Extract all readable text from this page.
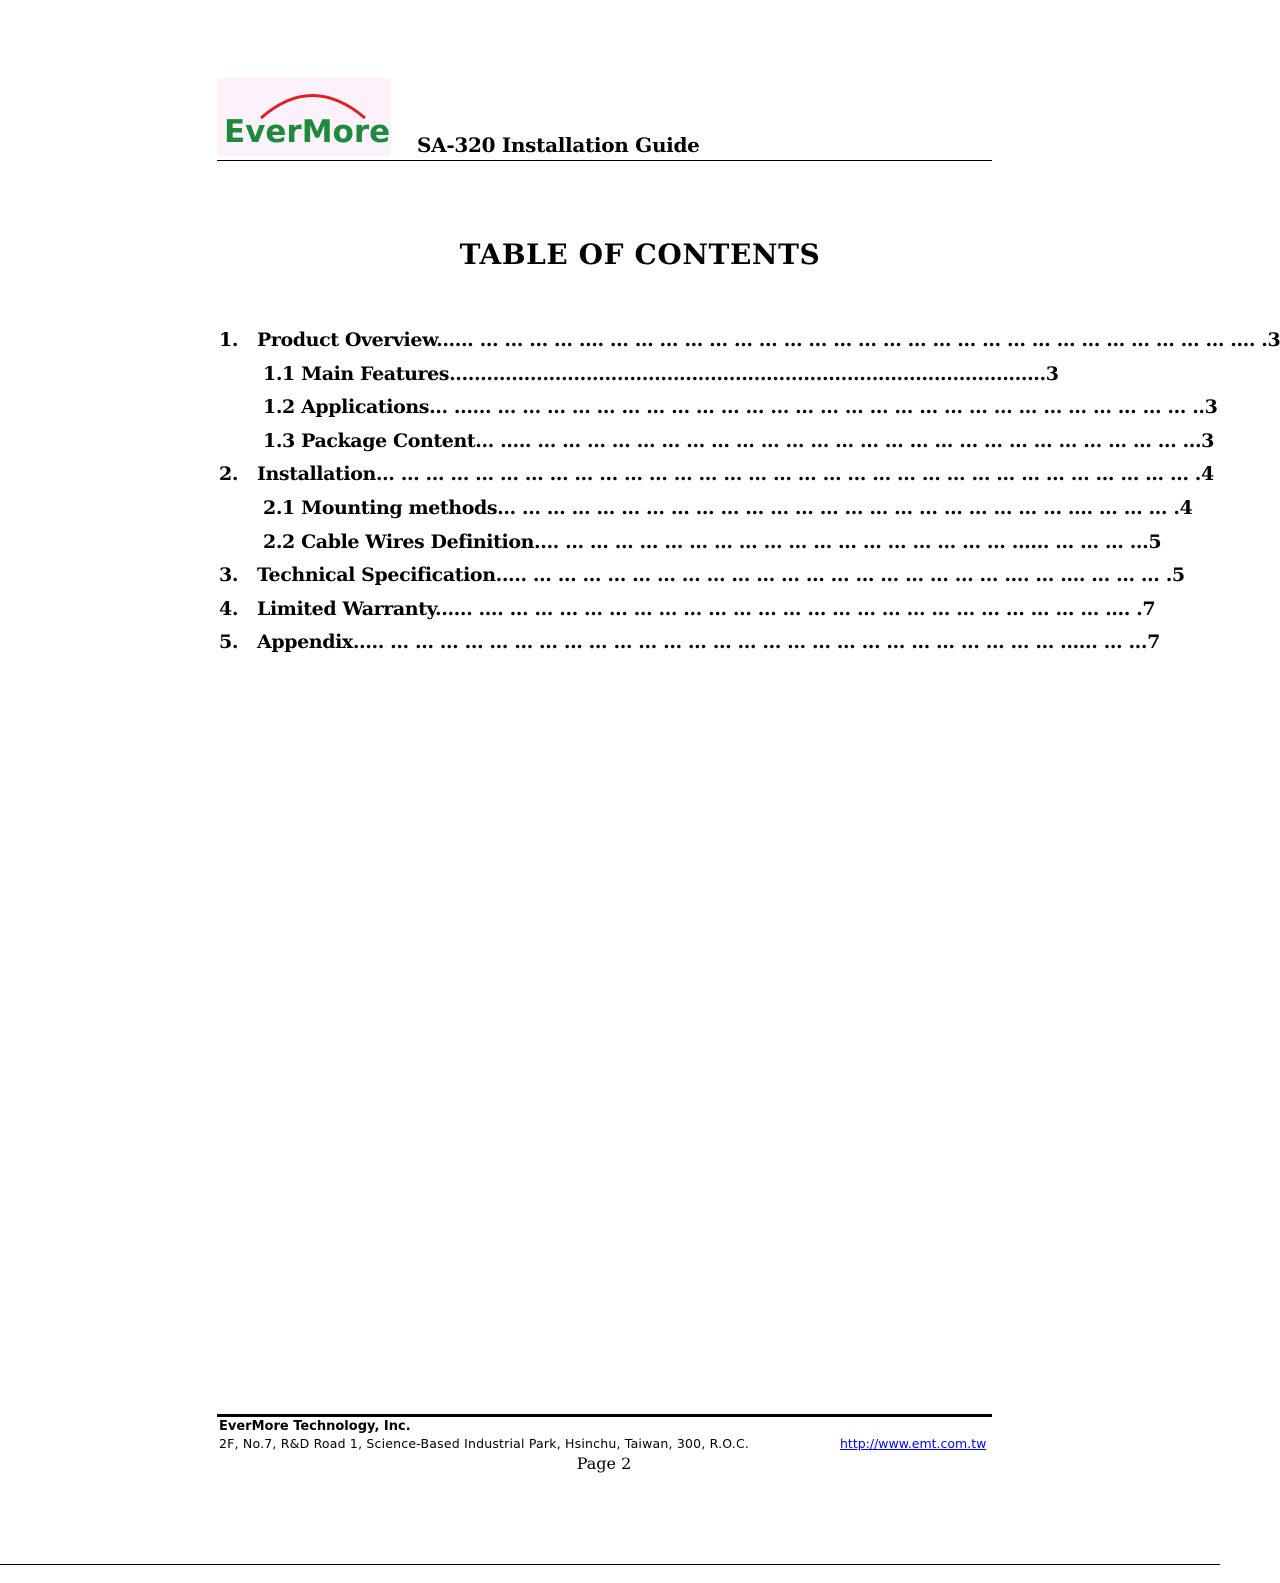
EverMore SA-320 Installation Guide
TABLE OF CONTENTS
1. Product Overview...... … … … … …. … … … … … … … … … … … … … … … … … … … … … … … … … …. .3
1.1 Main Features................................................................................................3
1.2 Applications… ...... … … … … … … … … … … … … … … … … … … … … … … … … … … … … ..3
1.3 Package Content… ..... … … … … … … … … … … … … … … … … … … … … … … … … … … ...3
2. Installation… … … … … … … … … … … … … … … … … … … … … … … … … … … … … … … … … .4
2.1 Mounting methods… … … … … … … … … … … … … … … … … … … … … … … …. … … … .4
2.2 Cable Wires Definition.... … … … … … … … … … … … … … … … … … … ...... … … … ...5
3. Technical Specification..... … … … … … … … … … … … … … … … … … … … …. … …. … … … .5
4. Limited Warranty...... …. … … … … … … … … … … … … … … … … … … … … … … … … …. .7
5. Appendix..... … … … … … … … … … … … … … … … … … … … … … … … … … … … ...... … ...7
EverMore Technology, Inc.
2F, No.7, R&D Road 1, Science-Based Industrial Park, Hsinchu, Taiwan, 300, R.O.C.	http://www.emt.com.tw
Page 2
